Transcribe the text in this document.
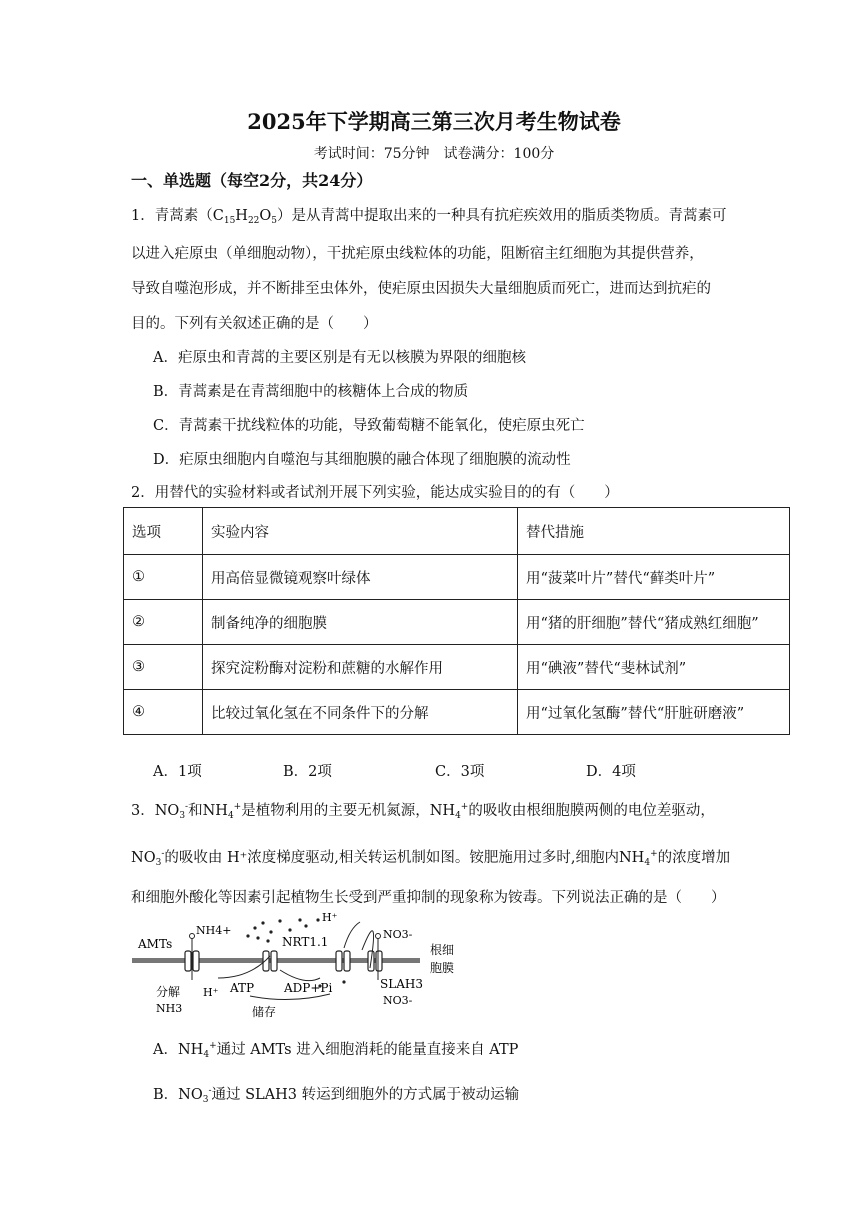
2025年下学期高三第三次月考生物试卷
考试时间：75分钟　试卷满分：100分
一、单选题（每空2分，共24分）
1．青蒿素$(C_{15}H_{22}O_5)$是从青蒿中提取出来的一种具有抗疟疾效用的脂质类物质。青蒿素可
以进入疟原虫（单细胞动物），干扰疟原虫线粒体的功能，阻断宿主红细胞为其提供营养，
导致自噬泡形成，并不断排至虫体外，使疟原虫因损失大量细胞质而死亡，进而达到抗疟的
目的。下列有关叙述正确的是（　　）
A．疟原虫和青蒿的主要区别是有无以核膜为界限的细胞核
B．青蒿素是在青蒿细胞中的核糖体上合成的物质
C．青蒿素干扰线粒体的功能，导致葡萄糖不能氧化，使疟原虫死亡
D．疟原虫细胞内自噬泡与其细胞膜的融合体现了细胞膜的流动性
2．用替代的实验材料或者试剂开展下列实验，能达成实验目的的有（　　）
选项	实验内容	替代措施
①	用高倍显微镜观察叶绿体	用“菠菜叶片”替代“藓类叶片”
②	制备纯净的细胞膜	用“猪的肝细胞”替代“猪成熟红细胞”
③	探究淀粉酶对淀粉和蔗糖的水解作用	用“碘液”替代“斐林试剂”
④	比较过氧化氢在不同条件下的分解	用“过氧化氢酶”替代“肝脏研磨液”
A．1项	B．2项	C．3项	D．4项
3．$NO_3^-$和$NH_4^+$是植物利用的主要无机氮源，$NH_4^+$的吸收由根细胞膜两侧的电位差驱动，
$NO_3^-$的吸收由 H⁺浓度梯度驱动,相关转运机制如图。铵肥施用过多时,细胞内$NH_4^+$的浓度增加
和细胞外酸化等因素引起植物生长受到严重抑制的现象称为铵毒。下列说法正确的是（　　）
AMTs
NH4+
NRT1.1
H⁺
NO3-
根细
胞膜
SLAH3
ATP ADP+Pi
H⁺
分解
NH3	储存
NO3-
A．$NH_4^+$通过 AMTs 进入细胞消耗的能量直接来自 ATP
B．$NO_3^-$通过 SLAH3 转运到细胞外的方式属于被动运输
